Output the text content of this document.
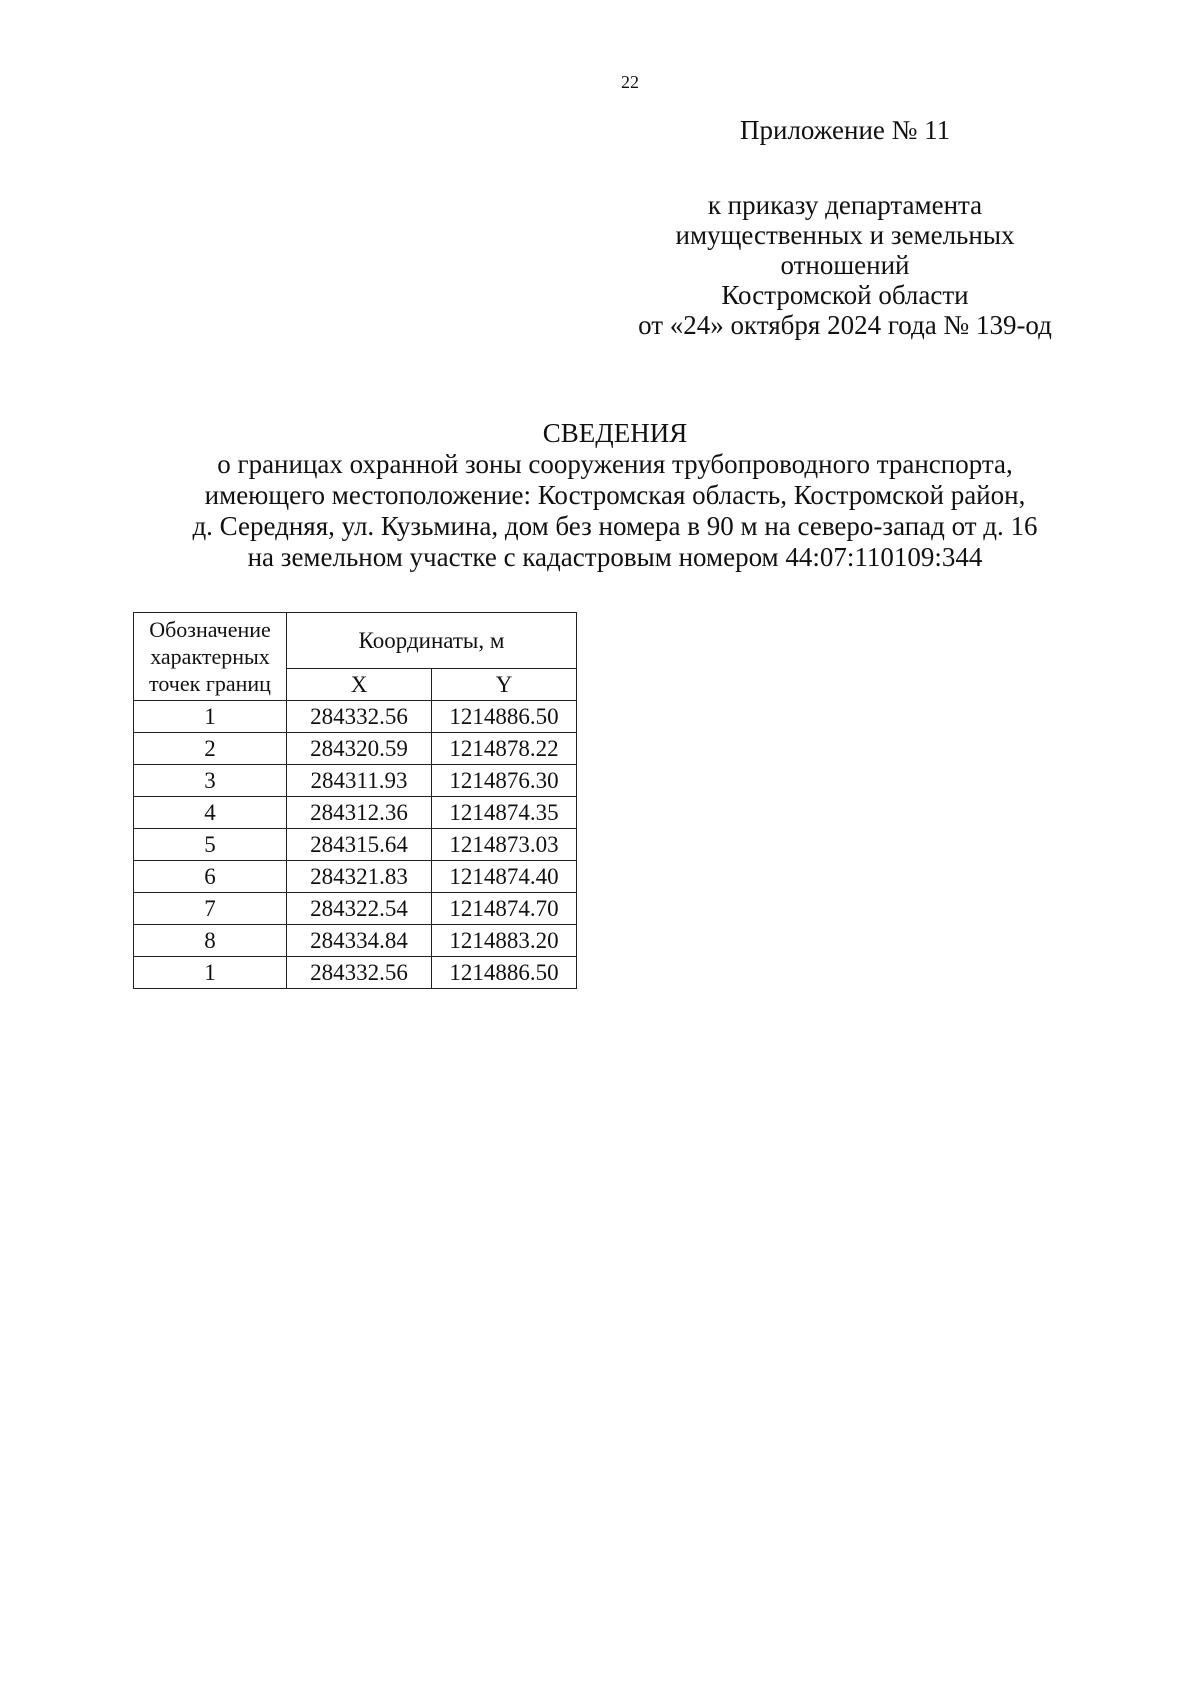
22
Приложение № 11
к приказу департамента
имущественных и земельных
отношений
Костромской области
от «24» октября 2024 года № 139-од
СВЕДЕНИЯ
о границах охранной зоны сооружения трубопроводного транспорта,
имеющего местоположение: Костромская область, Костромской район,
д. Середняя, ул. Кузьмина, дом без номера в 90 м на северо-запад от д. 16
на земельном участке с кадастровым номером 44:07:110109:344
Обозначение
характерных
точек границ	Координаты, м	
	X	Y
1	284332.56	1214886.50
2	284320.59	1214878.22
3	284311.93	1214876.30
4	284312.36	1214874.35
5	284315.64	1214873.03
6	284321.83	1214874.40
7	284322.54	1214874.70
8	284334.84	1214883.20
1	284332.56	1214886.50
